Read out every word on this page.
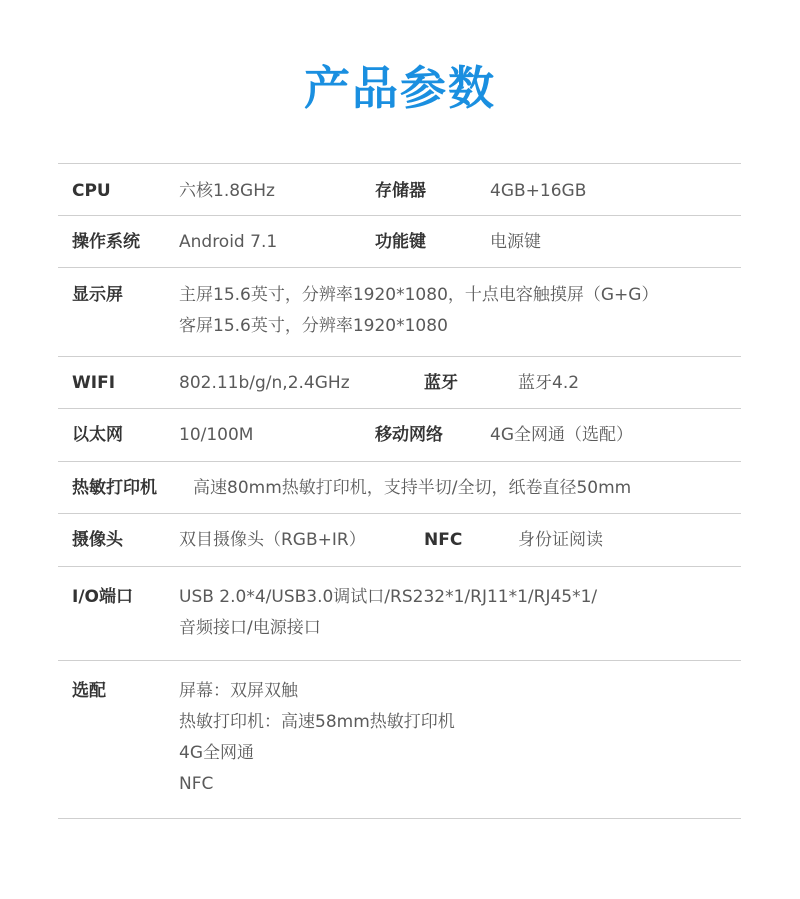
产品参数
CPU	六核1.8GHz	存储器	4GB+16GB
操作系统 Android 7.1	功能键	电源键
显示屏	主屏15.6英寸，分辨率1920*1080，十点电容触摸屏（G+G）
客屏15.6英寸，分辨率1920*1080
WIFI	802.11b/g/n,2.4GHz	蓝牙	蓝牙4.2
以太网	10/100M	移动网络	4G全网通（选配）
热敏打印机 高速80mm热敏打印机，支持半切/全切，纸卷直径50mm
摄像头	双目摄像头（RGB+IR）	NFC	身份证阅读
I/O端口	USB 2.0*4/USB3.0调试口/RS232*1/RJ11*1/RJ45*1/
音频接口/电源接口
选配	屏幕：双屏双触
热敏打印机：高速58mm热敏打印机
4G全网通
NFC
